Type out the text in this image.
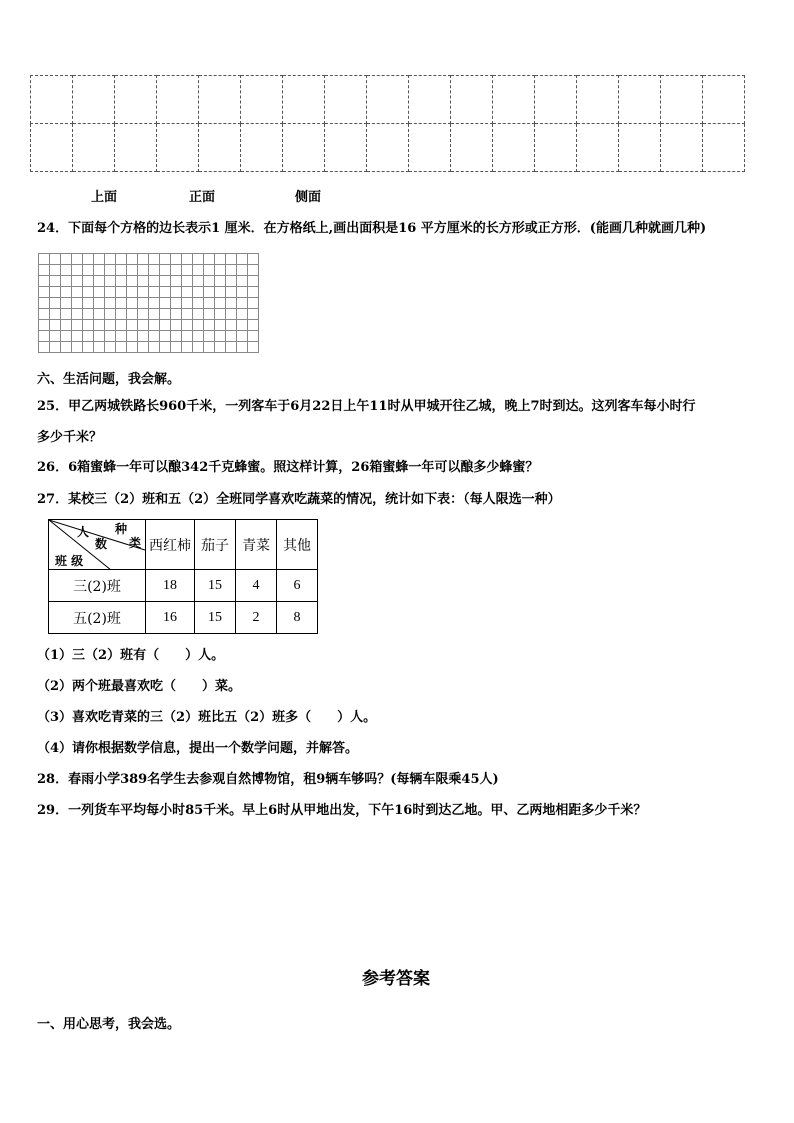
上面	正面	侧面
24．下面每个方格的边长表示1 厘米．在方格纸上,画出面积是16 平方厘米的长方形或正方形．(能画几种就画几种)

六、生活问题，我会解。
25．甲乙两城铁路长960千米，一列客车于6月22日上午11时从甲城开往乙城，晚上7时到达。这列客车每小时行
多少千米？
26．6箱蜜蜂一年可以酿342千克蜂蜜。照这样计算，26箱蜜蜂一年可以酿多少蜂蜜？
27．某校三（2）班和五（2）全班同学喜欢吃蔬菜的情况，统计如下表：（每人限选一种）
人 种
数 类
班 级	西红柿	茄子	青菜	其他
三(2)班	18	15	4	6
五(2)班	16	15	2	8
（1）三（2）班有（　　）人。
（2）两个班最喜欢吃（　　）菜。
（3）喜欢吃青菜的三（2）班比五（2）班多（　　）人。
（4）请你根据数学信息，提出一个数学问题，并解答。
28．春雨小学389名学生去参观自然博物馆，租9辆车够吗？(每辆车限乘45人)
29．一列货车平均每小时85千米。早上6时从甲地出发，下午16时到达乙地。甲、乙两地相距多少千米？
参考答案
一、用心思考，我会选。
